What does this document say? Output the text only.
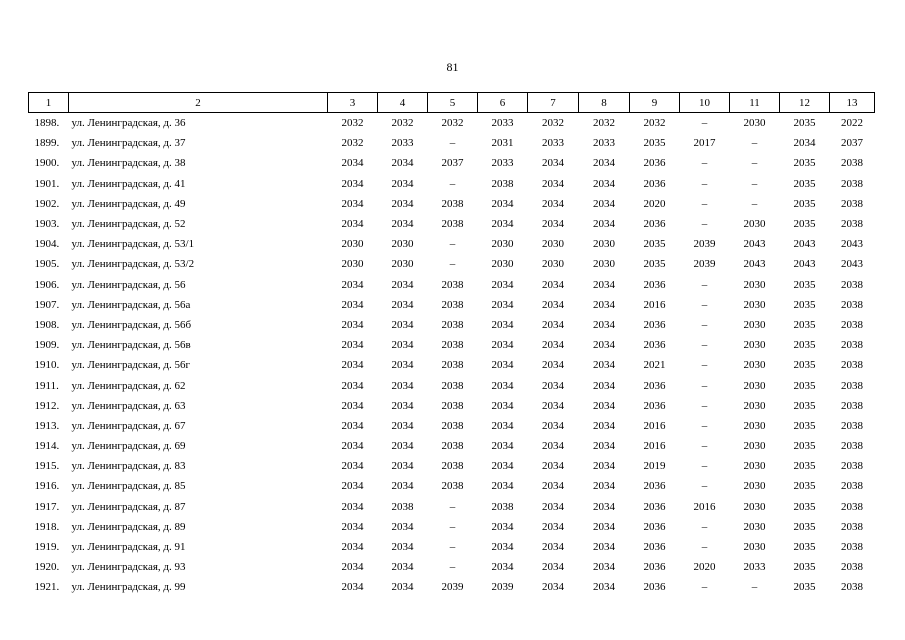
81
1	2	3	4	5	6	7	8	9	10	11	12	13
1898.	ул. Ленинградская, д. 36	2032	2032	2032	2033	2032	2032	2032	–	2030	2035	2022
1899.	ул. Ленинградская, д. 37	2032	2033	–	2031	2033	2033	2035	2017	–	2034	2037
1900.	ул. Ленинградская, д. 38	2034	2034	2037	2033	2034	2034	2036	–	–	2035	2038
1901.	ул. Ленинградская, д. 41	2034	2034	–	2038	2034	2034	2036	–	–	2035	2038
1902.	ул. Ленинградская, д. 49	2034	2034	2038	2034	2034	2034	2020	–	–	2035	2038
1903.	ул. Ленинградская, д. 52	2034	2034	2038	2034	2034	2034	2036	–	2030	2035	2038
1904.	ул. Ленинградская, д. 53/1	2030	2030	–	2030	2030	2030	2035	2039	2043	2043	2043
1905.	ул. Ленинградская, д. 53/2	2030	2030	–	2030	2030	2030	2035	2039	2043	2043	2043
1906.	ул. Ленинградская, д. 56	2034	2034	2038	2034	2034	2034	2036	–	2030	2035	2038
1907.	ул. Ленинградская, д. 56а	2034	2034	2038	2034	2034	2034	2016	–	2030	2035	2038
1908.	ул. Ленинградская, д. 56б	2034	2034	2038	2034	2034	2034	2036	–	2030	2035	2038
1909.	ул. Ленинградская, д. 56в	2034	2034	2038	2034	2034	2034	2036	–	2030	2035	2038
1910.	ул. Ленинградская, д. 56г	2034	2034	2038	2034	2034	2034	2021	–	2030	2035	2038
1911.	ул. Ленинградская, д. 62	2034	2034	2038	2034	2034	2034	2036	–	2030	2035	2038
1912.	ул. Ленинградская, д. 63	2034	2034	2038	2034	2034	2034	2036	–	2030	2035	2038
1913.	ул. Ленинградская, д. 67	2034	2034	2038	2034	2034	2034	2016	–	2030	2035	2038
1914.	ул. Ленинградская, д. 69	2034	2034	2038	2034	2034	2034	2016	–	2030	2035	2038
1915.	ул. Ленинградская, д. 83	2034	2034	2038	2034	2034	2034	2019	–	2030	2035	2038
1916.	ул. Ленинградская, д. 85	2034	2034	2038	2034	2034	2034	2036	–	2030	2035	2038
1917.	ул. Ленинградская, д. 87	2034	2038	–	2038	2034	2034	2036	2016	2030	2035	2038
1918.	ул. Ленинградская, д. 89	2034	2034	–	2034	2034	2034	2036	–	2030	2035	2038
1919.	ул. Ленинградская, д. 91	2034	2034	–	2034	2034	2034	2036	–	2030	2035	2038
1920.	ул. Ленинградская, д. 93	2034	2034	–	2034	2034	2034	2036	2020	2033	2035	2038
1921.	ул. Ленинградская, д. 99	2034	2034	2039	2039	2034	2034	2036	–	–	2035	2038
